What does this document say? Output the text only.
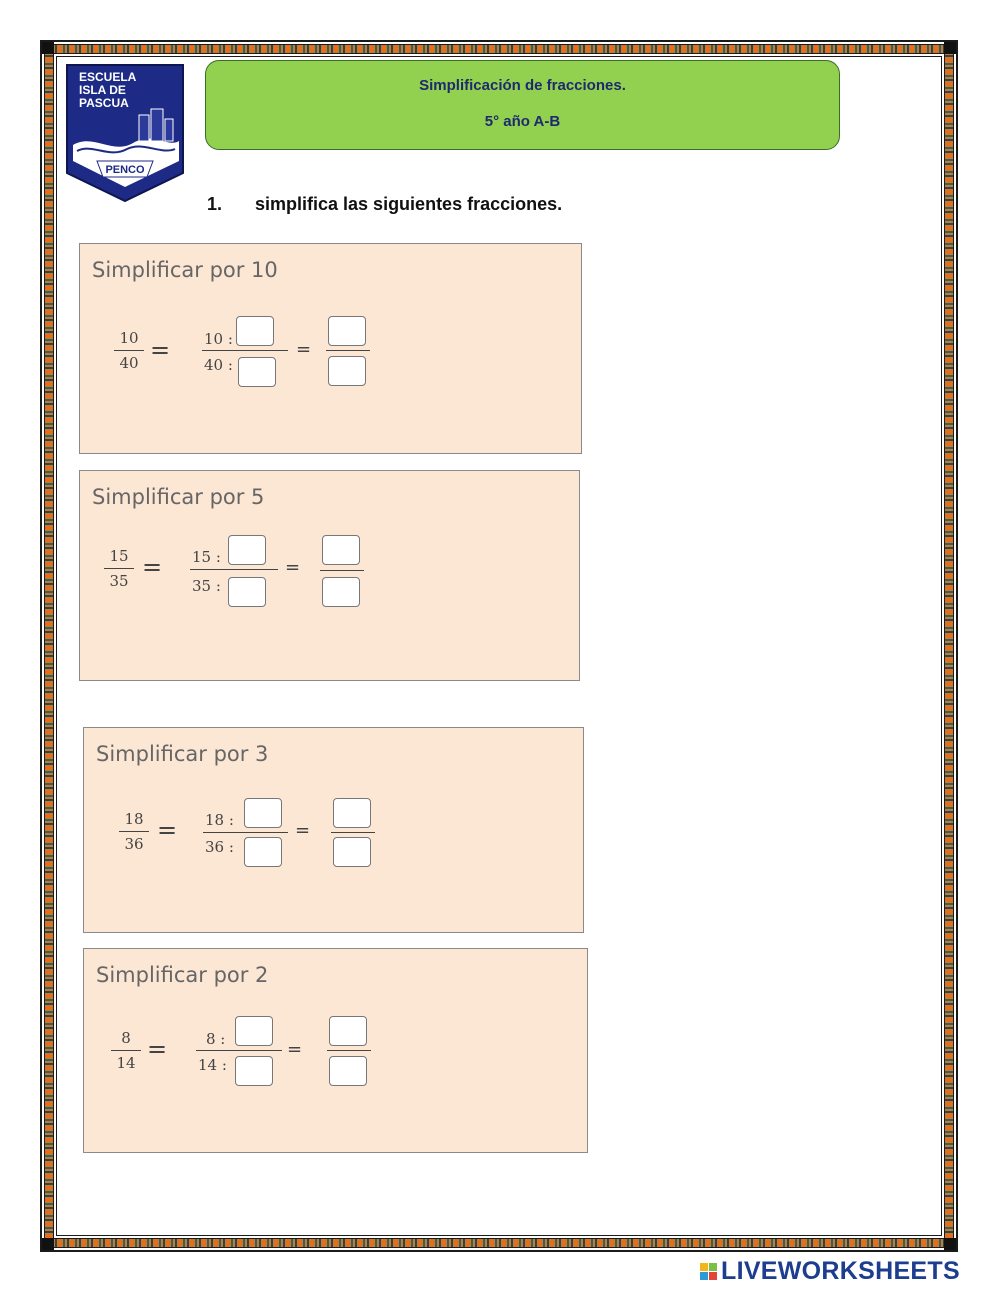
ESCUELA
ISLA DE
PASCUA
PENCO
Simplificación de fracciones.
5° año A-B
1. simplifica las siguientes fracciones.
Simplificar por 10
10
40 = 10 :
40 :
=
Simplificar por 5
15
35 = 15 :
35 :
=
Simplificar por 3
18
36 = 18 :
36 :
=
Simplificar por 2
8
14 =	8 :
14 :
=
LIVEWORKSHEETS
